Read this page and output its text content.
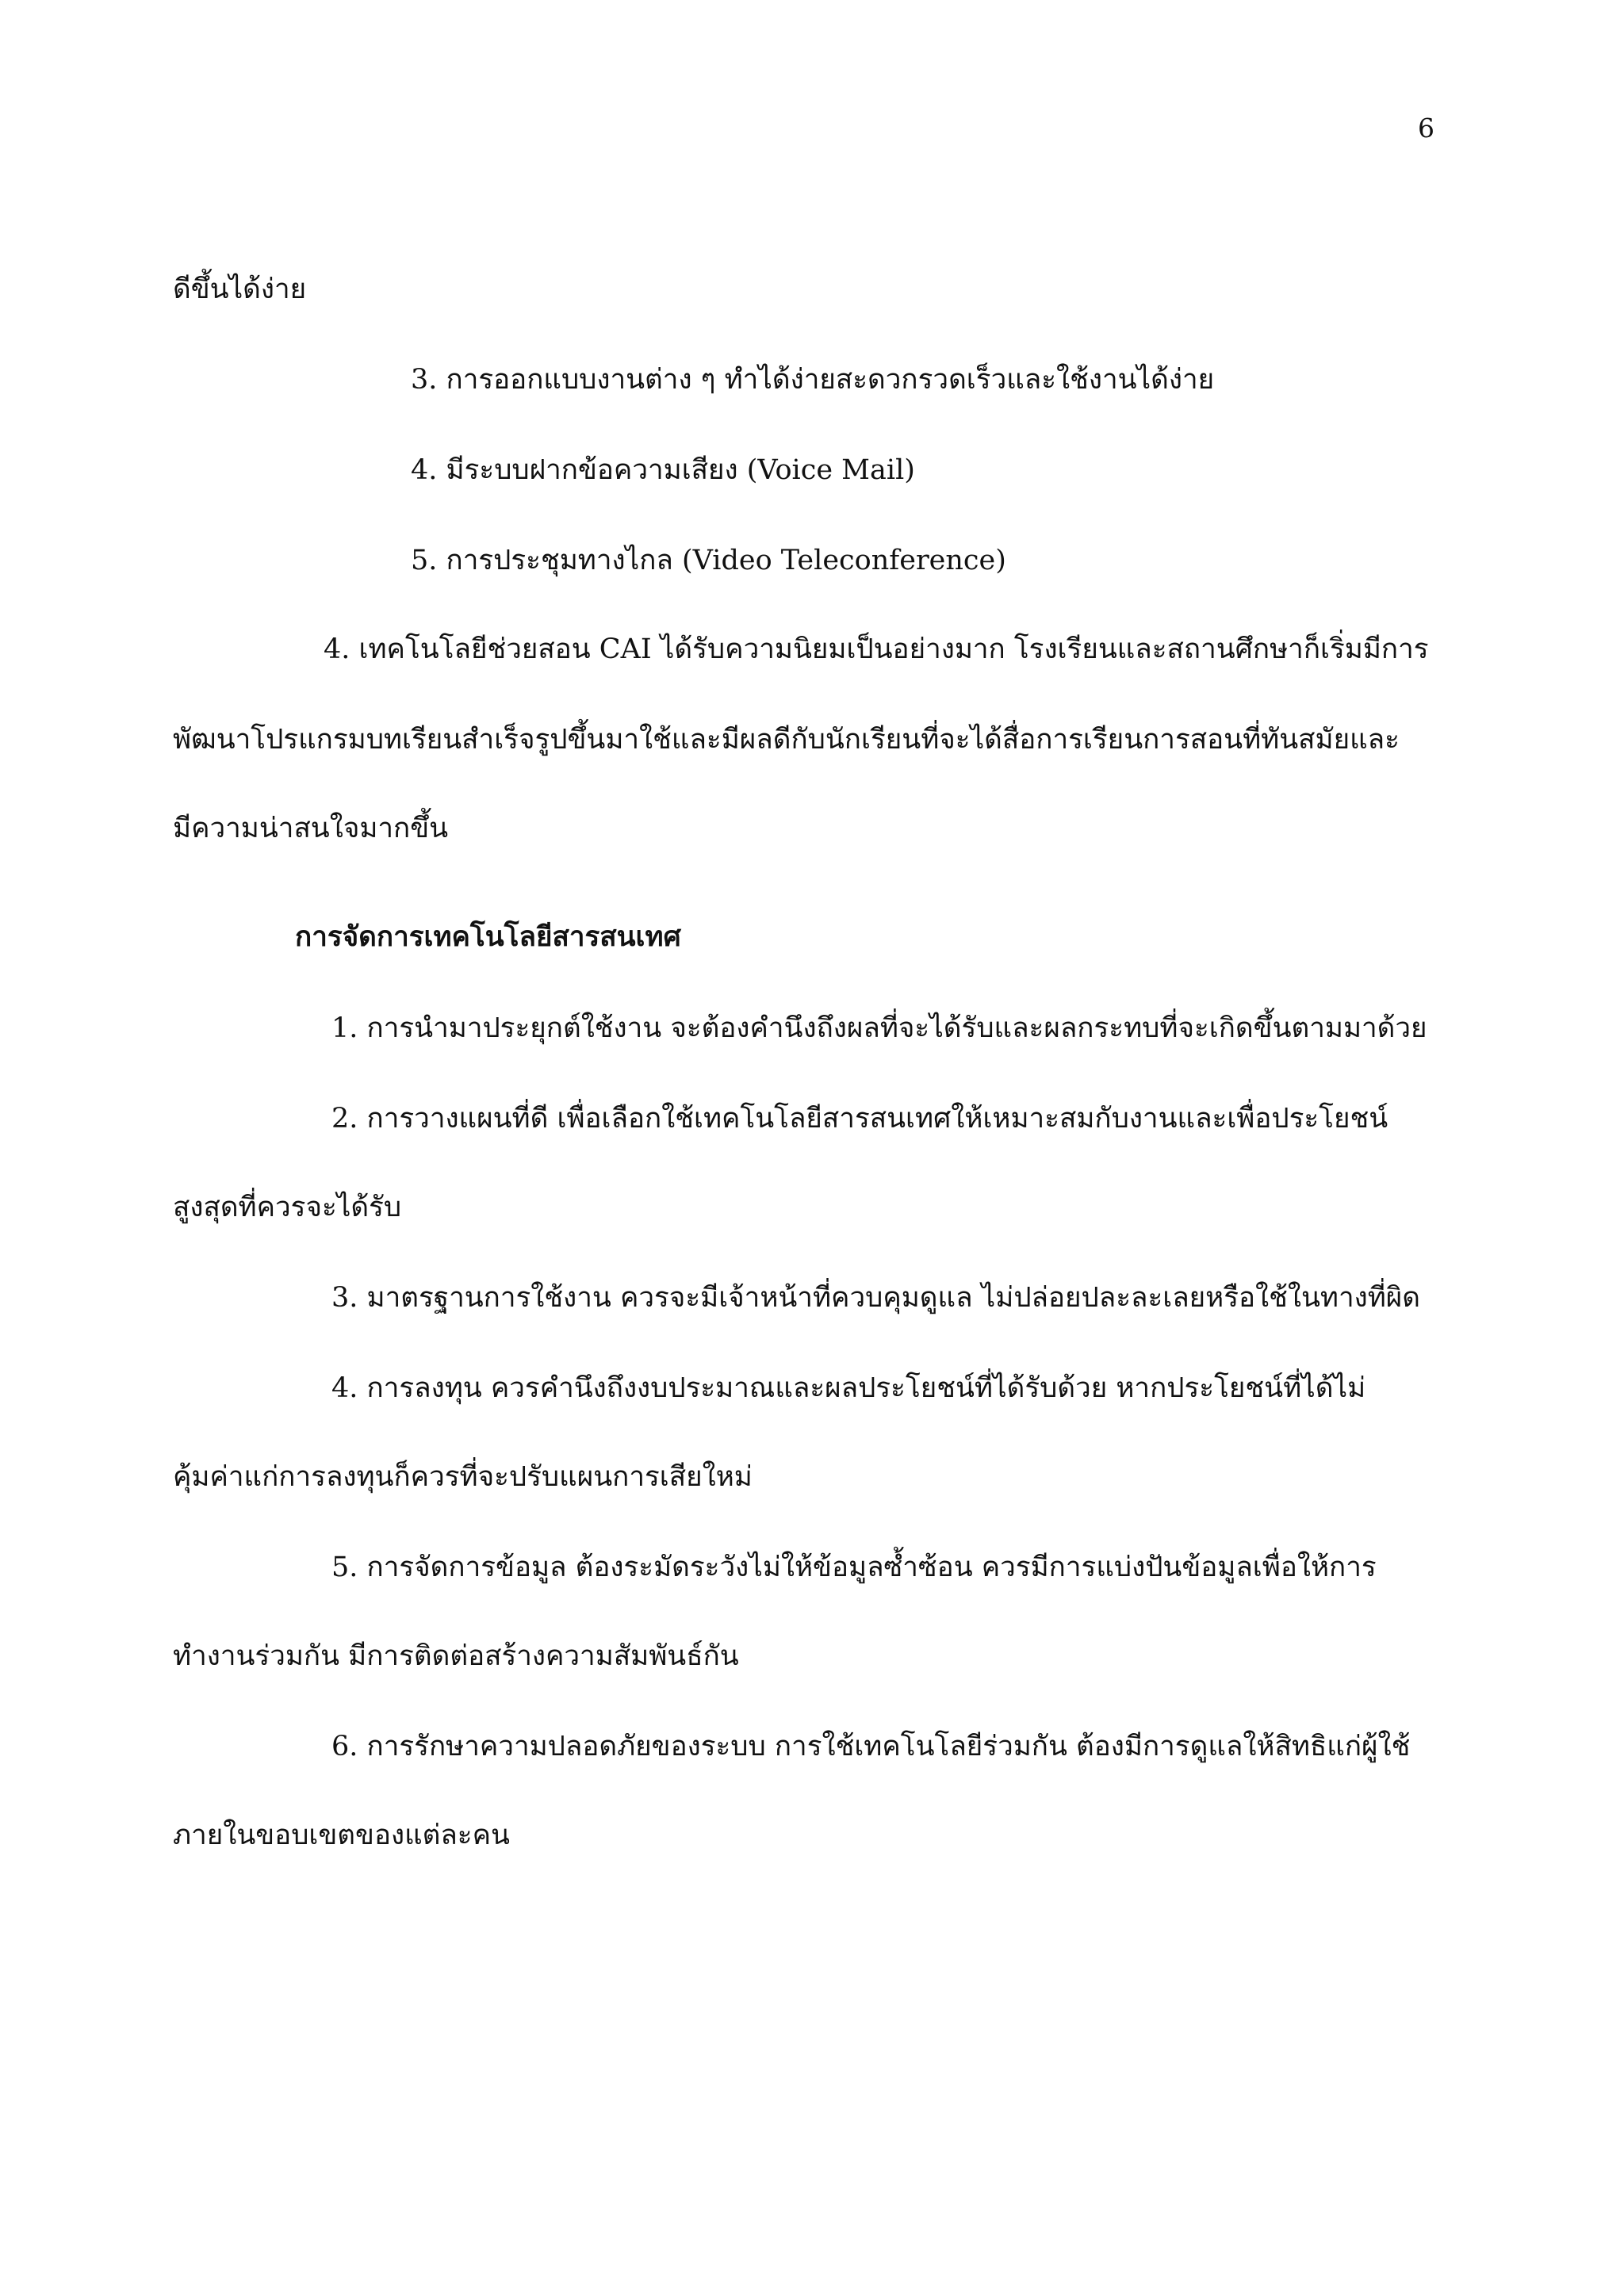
6
ดีขึ้นได้ง่าย
3. การออกแบบงานต่าง ๆ ทำได้ง่ายสะดวกรวดเร็วและใช้งานได้ง่าย
4. มีระบบฝากข้อความเสียง (Voice Mail)
5. การประชุมทางไกล (Video Teleconference)
4. เทคโนโลยีช่วยสอน CAI ได้รับความนิยมเป็นอย่างมาก โรงเรียนและสถานศึกษาก็เริ่มมีการ
พัฒนาโปรแกรมบทเรียนสำเร็จรูปขึ้นมาใช้และมีผลดีกับนักเรียนที่จะได้สื่อการเรียนการสอนที่ทันสมัยและ
มีความน่าสนใจมากขึ้น
การจัดการเทคโนโลยีสารสนเทศ
1. การนำมาประยุกต์ใช้งาน จะต้องคำนึงถึงผลที่จะได้รับและผลกระทบที่จะเกิดขึ้นตามมาด้วย
2. การวางแผนที่ดี เพื่อเลือกใช้เทคโนโลยีสารสนเทศให้เหมาะสมกับงานและเพื่อประโยชน์
สูงสุดที่ควรจะได้รับ
3. มาตรฐานการใช้งาน ควรจะมีเจ้าหน้าที่ควบคุมดูแล ไม่ปล่อยปละละเลยหรือใช้ในทางที่ผิด
4. การลงทุน ควรคำนึงถึงงบประมาณและผลประโยชน์ที่ได้รับด้วย หากประโยชน์ที่ได้ไม่
คุ้มค่าแก่การลงทุนก็ควรที่จะปรับแผนการเสียใหม่
5. การจัดการข้อมูล ต้องระมัดระวังไม่ให้ข้อมูลซ้ำซ้อน ควรมีการแบ่งปันข้อมูลเพื่อให้การ
ทำงานร่วมกัน มีการติดต่อสร้างความสัมพันธ์กัน
6. การรักษาความปลอดภัยของระบบ การใช้เทคโนโลยีร่วมกัน ต้องมีการดูแลให้สิทธิแก่ผู้ใช้
ภายในขอบเขตของแต่ละคน
